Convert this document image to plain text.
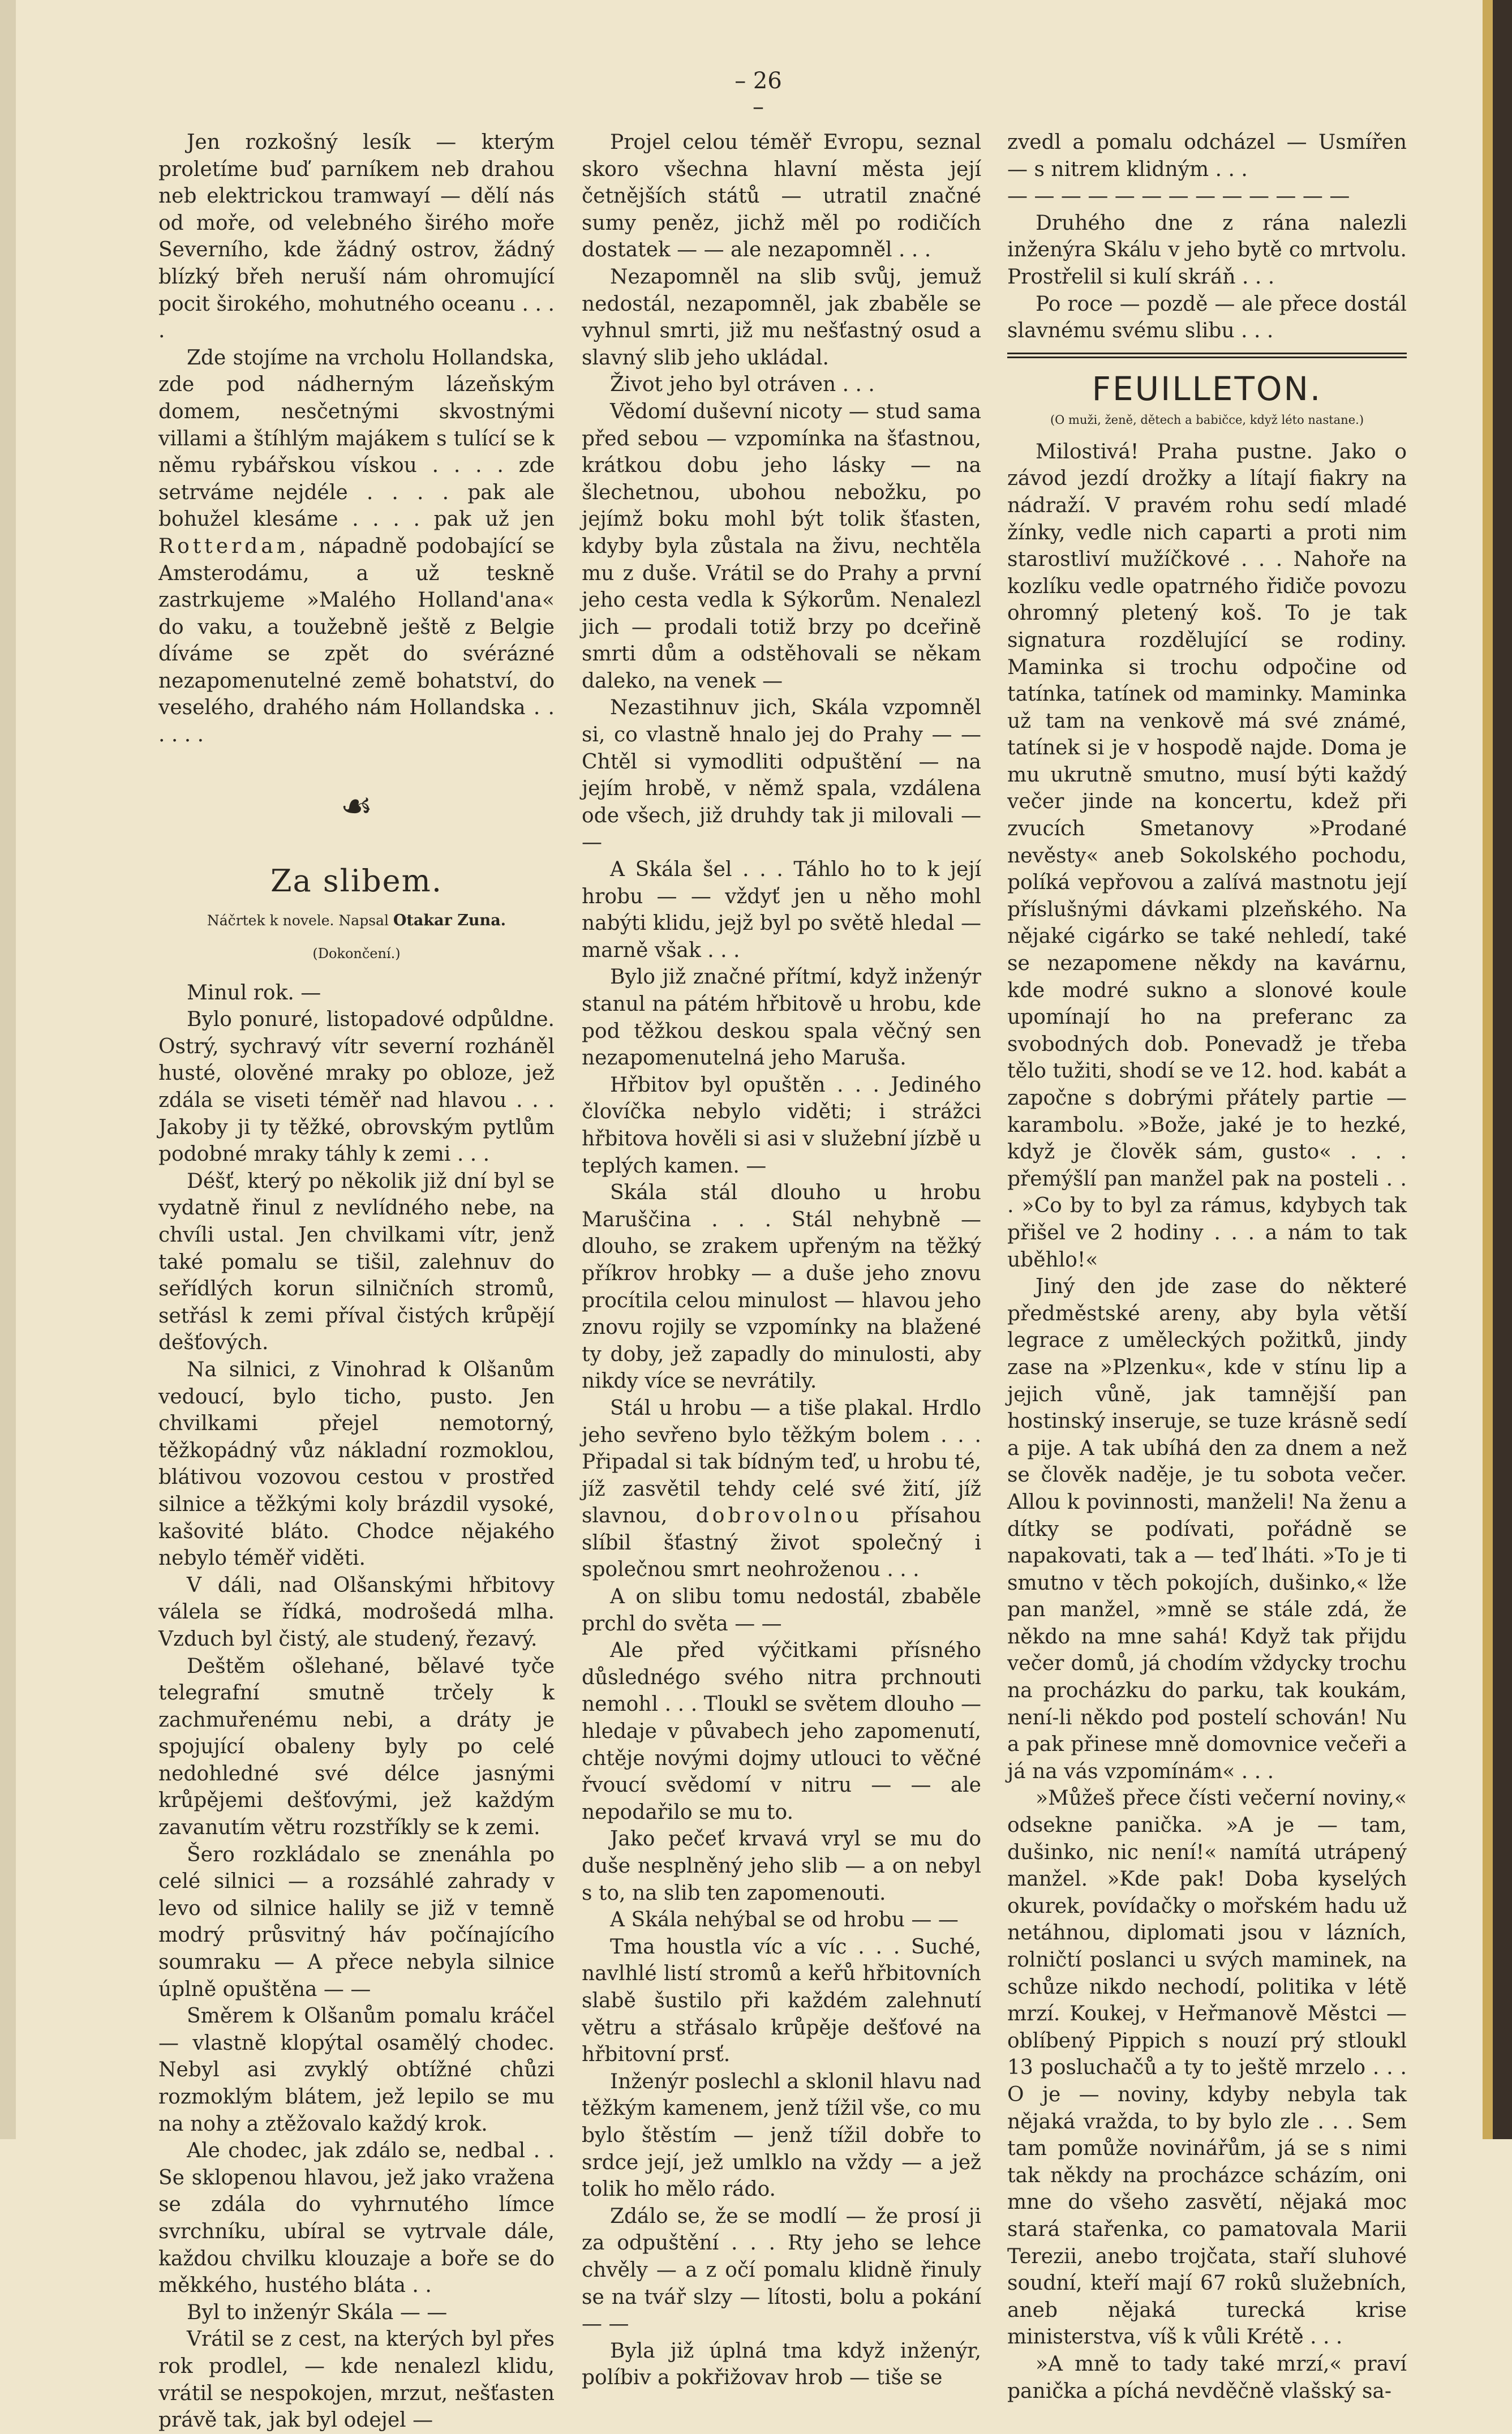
– 26 –

Jen rozkošný lesík — kterým proletíme buď parníkem neb drahou neb elektrickou tramwayí — dělí nás od moře, od velebného širého moře Severního, kde žádný ostrov, žádný blízký břeh neruší nám ohromující pocit širokého, mohutného oceanu . . . .

Zde stojíme na vrcholu Hollandska, zde pod nádherným lázeňským domem, nesčetnými skvostnými villami a štíhlým majákem s tulící se k němu rybářskou vískou . . . . zde setrváme nejdéle . . . . pak ale bohužel klesáme . . . . pak už jen Rotterdam, nápadně podobající se Amsterodámu, a už teskně zastrkujeme »Malého Holland'ana« do vaku, a toužebně ještě z Belgie díváme se zpět do svérázné nezapomenutelné země bohatství, do veselého, drahého nám Hollandska . . . . . .

☙
Za slibem.
Náčrtek k novele. Napsal Otakar Zuna.
(Dokončení.)

Minul rok. —

Bylo ponuré, listopadové odpůldne. Ostrý, sychravý vítr severní rozháněl husté, olověné mraky po obloze, jež zdála se viseti téměř nad hlavou . . . Jakoby ji ty těžké, obrovským pytlům podobné mraky táhly k zemi . . .

Déšť, který po několik již dní byl se vydatně řinul z nevlídného nebe, na chvíli ustal. Jen chvilkami vítr, jenž také pomalu se tišil, zalehnuv do seřídlých korun silničních stromů, setřásl k zemi příval čistých krůpějí dešťových.

Na silnici, z Vinohrad k Olšanům vedoucí, bylo ticho, pusto. Jen chvilkami přejel nemotorný, těžkopádný vůz nákladní rozmoklou, blátivou vozovou cestou v prostřed silnice a těžkými koly brázdil vysoké, kašovité bláto. Chodce nějakého nebylo téměř viděti.

V dáli, nad Olšanskými hřbitovy válela se řídká, modrošedá mlha. Vzduch byl čistý, ale studený, řezavý.

Deštěm ošlehané, bělavé tyče telegrafní smutně trčely k zachmuřenému nebi, a dráty je spojující obaleny byly po celé nedohledné své délce jasnými krůpějemi dešťovými, jež každým zavanutím větru rozstříkly se k zemi.

Šero rozkládalo se znenáhla po celé silnici — a rozsáhlé zahrady v levo od silnice halily se již v temně modrý průsvitný háv počínajícího soumraku — A přece nebyla silnice úplně opuštěna — —

Směrem k Olšanům pomalu kráčel — vlastně klopýtal osamělý chodec. Nebyl asi zvyklý obtížné chůzi rozmoklým blátem, jež lepilo se mu na nohy a ztěžovalo každý krok.

Ale chodec, jak zdálo se, nedbal . . Se sklopenou hlavou, jež jako vražena se zdála do vyhrnutého límce svrchníku, ubíral se vytrvale dále, každou chvilku klouzaje a boře se do měkkého, hustého bláta . .

Byl to inženýr Skála — —

Vrátil se z cest, na kterých byl přes rok prodlel, — kde nenalezl klidu, vrátil se nespokojen, mrzut, nešťasten právě tak, jak byl odejel —

Projel celou téměř Evropu, seznal skoro všechna hlavní města její četnějších států — utratil značné sumy peněz, jichž měl po rodičích dostatek — — ale nezapomněl . . .

Nezapomněl na slib svůj, jemuž nedostál, nezapomněl, jak zbaběle se vyhnul smrti, již mu nešťastný osud a slavný slib jeho ukládal.

Život jeho byl otráven . . .

Vědomí duševní nicoty — stud sama před sebou — vzpomínka na šťastnou, krátkou dobu jeho lásky — na šlechetnou, ubohou nebožku, po jejímž boku mohl být tolik šťasten, kdyby byla zůstala na živu, nechtěla mu z duše. Vrátil se do Prahy a první jeho cesta vedla k Sýkorům. Nenalezl jich — prodali totiž brzy po dceřině smrti dům a odstěhovali se někam daleko, na venek —

Nezastihnuv jich, Skála vzpomněl si, co vlastně hnalo jej do Prahy — — Chtěl si vymodliti odpuštění — na jejím hrobě, v němž spala, vzdálena ode všech, již druhdy tak ji milovali — —

A Skála šel . . . Táhlo ho to k její hrobu — — vždyť jen u něho mohl nabýti klidu, jejž byl po světě hledal — marně však . . .

Bylo již značné přítmí, když inženýr stanul na pátém hřbitově u hrobu, kde pod těžkou deskou spala věčný sen nezapomenutelná jeho Maruša.

Hřbitov byl opuštěn . . . Jediného človíčka nebylo viděti; i strážci hřbitova hověli si asi v služební jízbě u teplých kamen. —

Skála stál dlouho u hrobu Maruščina . . . Stál nehybně — dlouho, se zrakem upřeným na těžký příkrov hrobky — a duše jeho znovu procítila celou minulost — hlavou jeho znovu rojily se vzpomínky na blažené ty doby, jež zapadly do minulosti, aby nikdy více se nevrátily.

Stál u hrobu — a tiše plakal. Hrdlo jeho sevřeno bylo těžkým bolem . . . Připadal si tak bídným teď, u hrobu té, jíž zasvětil tehdy celé své žití, jíž slavnou, dobrovolnou přísahou slíbil šťastný život společný i společnou smrt neohroženou . . .

A on slibu tomu nedostál, zbaběle prchl do světa — —

Ale před výčitkami přísného důslednégo svého nitra prchnouti nemohl . . . Tloukl se světem dlouho — hledaje v půvabech jeho zapomenutí, chtěje novými dojmy utlouci to věčné řvoucí svědomí v nitru — — ale nepodařilo se mu to.

Jako pečeť krvavá vryl se mu do duše nesplněný jeho slib — a on nebyl s to, na slib ten zapomenouti.

A Skála nehýbal se od hrobu — —

Tma houstla víc a víc . . . Suché, navlhlé listí stromů a keřů hřbitovních slabě šustilo při každém zalehnutí větru a střásalo krůpěje dešťové na hřbitovní prsť.

Inženýr poslechl a sklonil hlavu nad těžkým kamenem, jenž tížil vše, co mu bylo štěstím — jenž tížil dobře to srdce její, jež umlklo na vždy — a jež tolik ho mělo rádo.

Zdálo se, že se modlí — že prosí ji za odpuštění . . . Rty jeho se lehce chvěly — a z očí pomalu klidně řinuly se na tvář slzy — lítosti, bolu a pokání — —

Byla již úplná tma když inženýr, políbiv a pokřižovav hrob — tiše se

zvedl a pomalu odcházel — Usmířen — s nitrem klidným . . .

— — — — — — — — — — — — —

Druhého dne z rána nalezli inženýra Skálu v jeho bytě co mrtvolu. Prostřelil si kulí skráň . . .

Po roce — pozdě — ale přece dostál slavnému svému slibu . . .

FEUILLETON.
(O muži, ženě, dětech a babičce, když léto nastane.)

Milostivá! Praha pustne. Jako o závod jezdí drožky a lítají fiakry na nádraží. V pravém rohu sedí mladé žínky, vedle nich caparti a proti nim starostliví mužíčkové . . . Nahoře na kozlíku vedle opatrného řidiče povozu ohromný pletený koš. To je tak signatura rozdělující se rodiny. Maminka si trochu odpočine od tatínka, tatínek od maminky. Maminka už tam na venkově má své známé, tatínek si je v hospodě najde. Doma je mu ukrutně smutno, musí býti každý večer jinde na koncertu, kdež při zvucích Smetanovy »Prodané nevěsty« aneb Sokolského pochodu, políká vepřovou a zalívá mastnotu její příslušnými dávkami plzeňského. Na nějaké cigárko se také nehledí, také se nezapomene někdy na kavárnu, kde modré sukno a slonové koule upomínají ho na preferanc za svobodných dob. Ponevadž je třeba tělo tužiti, shodí se ve 12. hod. kabát a započne s dobrými přátely partie — karambolu. »Bože, jaké je to hezké, když je člověk sám, gusto« . . . přemýšlí pan manžel pak na posteli . . . »Co by to byl za rámus, kdybych tak přišel ve 2 hodiny . . . a nám to tak uběhlo!«

Jiný den jde zase do některé předměstské areny, aby byla větší legrace z uměleckých požitků, jindy zase na »Plzenku«, kde v stínu lip a jejich vůně, jak tamnější pan hostinský inseruje, se tuze krásně sedí a pije. A tak ubíhá den za dnem a než se člověk naděje, je tu sobota večer. Allou k povinnosti, manželi! Na ženu a dítky se podívati, pořádně se napakovati, tak a — teď lháti. »To je ti smutno v těch pokojích, dušinko,« lže pan manžel, »mně se stále zdá, že někdo na mne sahá! Když tak přijdu večer domů, já chodím vždycky trochu na procházku do parku, tak koukám, není-li někdo pod postelí schován! Nu a pak přinese mně domovnice večeři a já na vás vzpomínám« . . .

»Můžeš přece čísti večerní noviny,« odsekne panička. »A je — tam, dušinko, nic není!« namítá utrápený manžel. »Kde pak! Doba kyselých okurek, povídačky o mořském hadu už netáhnou, diplomati jsou v lázních, rolničtí poslanci u svých maminek, na schůze nikdo nechodí, politika v létě mrzí. Koukej, v Heřmanově Městci — oblíbený Pippich s nouzí prý stloukl 13 posluchačů a ty to ještě mrzelo . . . O je — noviny, kdyby nebyla tak nějaká vražda, to by bylo zle . . . Sem tam pomůže novinářům, já se s nimi tak někdy na procházce scházím, oni mne do všeho zasvětí, nějaká moc stará stařenka, co pamatovala Marii Terezii, anebo trojčata, staří sluhové soudní, kteří mají 67 roků služebních, aneb nějaká turecká krise ministerstva, víš k vůli Krétě . . .

»A mně to tady také mrzí,« praví panička a píchá nevděčně vlašský sa-
